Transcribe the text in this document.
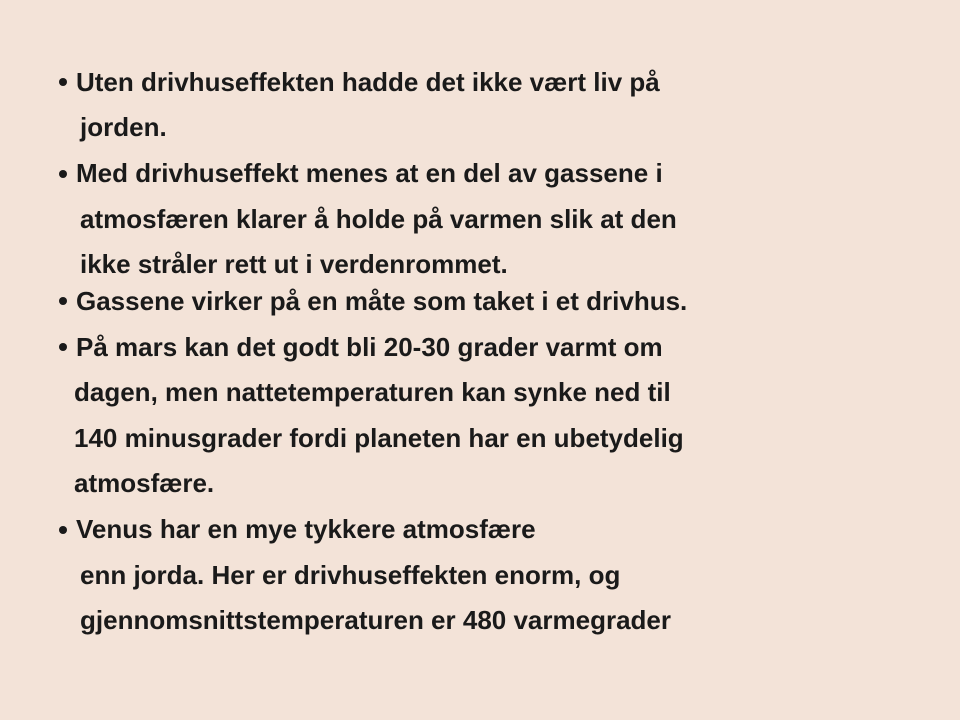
Uten drivhuseffekten hadde det ikke vært liv på
jorden.
Med drivhuseffekt menes at en del av gassene i
atmosfæren klarer å holde på varmen slik at den
ikke stråler rett ut i verdenrommet.
Gassene virker på en måte som taket i et drivhus.
På mars kan det godt bli 20-30 grader varmt om
dagen, men nattetemperaturen kan synke ned til
140 minusgrader fordi planeten har en ubetydelig
atmosfære.
Venus har en mye tykkere atmosfære
enn jorda. Her er drivhuseffekten enorm, og
gjennomsnittstemperaturen er 480 varmegrader
